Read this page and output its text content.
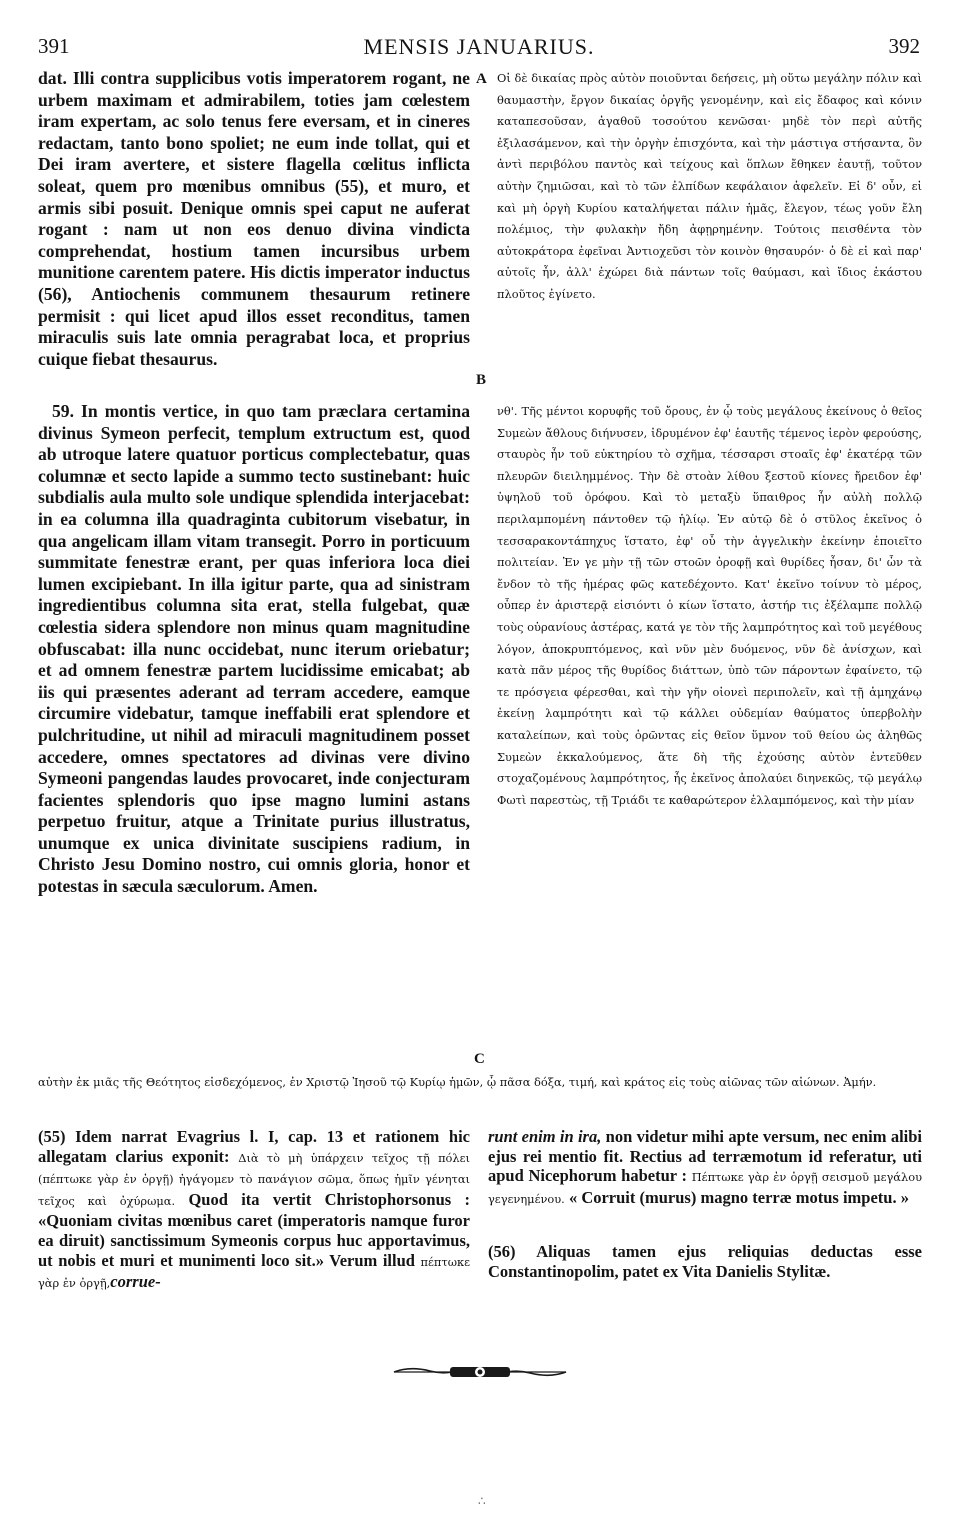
391	MENSIS JANUARIUS.	392
dat. Illi contra supplicibus votis imperatorem rogant, ne urbem maximam et admirabilem, toties jam cœlestem iram expertam, ac solo tenus fere eversam, et in cineres redactam, tanto bono spoliet; ne eum inde tollat, qui et Dei iram avertere, et sistere flagella cœlitus inflicta soleat, quem pro mœnibus omnibus (55), et muro, et armis sibi posuit. Denique omnis spei caput ne auferat rogant : nam ut non eos denuo divina vindicta comprehendat, hostium tamen incursibus urbem munitione carentem patere. His dictis imperator inductus (56), Antiochenis communem thesaurum retinere permisit : qui licet apud illos esset reconditus, tamen miraculis suis late omnia peragrabat loca, et proprius cuique fiebat thesaurus.
59. In montis vertice, in quo tam præclara certamina divinus Symeon perfecit, templum extructum est, quod ab utroque latere quatuor porticus complectebatur, quas columnæ et secto lapide a summo tecto sustinebant: huic subdialis aula multo sole undique splendida interjacebat: in ea columna illa quadraginta cubitorum visebatur, in qua angelicam illam vitam transegit. Porro in porticuum summitate fenestræ erant, per quas inferiora loca diei lumen excipiebant. In illa igitur parte, qua ad sinistram ingredientibus columna sita erat, stella fulgebat, quæ cœlestia sidera splendore non minus quam magnitudine obfuscabat: illa nunc occidebat, nunc iterum oriebatur; et ad omnem fenestræ partem lucidissime emicabat; ab iis qui præsentes aderant ad terram accedere, eamque circumire videbatur, tamque ineffabili erat splendore et pulchritudine, ut nihil ad miraculi magnitudinem posset accedere, omnes spectatores ad divinas vere divino Symeoni pangendas laudes provocaret, inde conjecturam facientes splendoris quo ipse magno lumini astans perpetuo fruitur, atque a Trinitate purius illustratus, unumque ex unica divinitate suscipiens radium, in Christo Jesu Domino nostro, cui omnis gloria, honor et potestas in sæcula sæculorum. Amen.
A
B
C
Οἱ δὲ δικαίας πρὸς αὐτὸν ποιοῦνται δεήσεις, μὴ οὕτω μεγάλην πόλιν καὶ θαυμαστὴν, ἔργον δικαίας ὀργῆς γενομένην, καὶ εἰς ἔδαφος καὶ κόνιν καταπεσοῦσαν, ἀγαθοῦ τοσούτου κενῶσαι· μηδὲ τὸν περὶ αὐτῆς ἐξιλασάμενον, καὶ τὴν ὀργὴν ἐπισχόντα, καὶ τὴν μάστιγα στήσαντα, ὃν ἀντὶ περιβόλου παντὸς καὶ τείχους καὶ ὅπλων ἔθηκεν ἑαυτῇ, τοῦτον αὐτὴν ζημιῶσαι, καὶ τὸ τῶν ἐλπίδων κεφάλαιον ἀφελεῖν. Εἰ δ' οὖν, εἰ καὶ μὴ ὀργὴ Κυρίου καταλήψεται πάλιν ἡμᾶς, ἔλεγον, τέως γοῦν ἔλη πολέμιος, τὴν φυλακὴν ἤδη ἀφῃρημένην. Τούτοις πεισθέντα τὸν αὐτοκράτορα ἐφεῖναι Ἀντιοχεῦσι τὸν κοινὸν θησαυρόν· ὁ δὲ εἰ καὶ παρ' αὐτοῖς ἦν, ἀλλ' ἐχώρει διὰ πάντων τοῖς θαύμασι, καὶ ἴδιος ἑκάστου πλοῦτος ἐγίνετο.
νθ'. Τῆς μέντοι κορυφῆς τοῦ ὄρους, ἐν ᾧ τοὺς μεγάλους ἐκείνους ὁ θεῖος Συμεὼν ἄθλους διήνυσεν, ἱδρυμένον ἐφ' ἑαυτῆς τέμενος ἱερὸν φερούσης, σταυρὸς ἦν τοῦ εὐκτηρίου τὸ σχῆμα, τέσσαρσι στοαῖς ἐφ' ἑκατέρᾳ τῶν πλευρῶν διειλημμένος. Τὴν δὲ στοὰν λίθου ξεστοῦ κίονες ἤρειδον ἐφ' ὑψηλοῦ τοῦ ὀρόφου. Καὶ τὸ μεταξὺ ὕπαιθρος ἦν αὐλὴ πολλῷ περιλαμπομένη πάντοθεν τῷ ἡλίῳ. Ἐν αὐτῷ δὲ ὁ στῦλος ἐκεῖνος ὁ τεσσαρακοντάπηχυς ἵστατο, ἐφ' οὗ τὴν ἀγγελικὴν ἐκείνην ἐποιεῖτο πολιτείαν. Ἐν γε μὴν τῇ τῶν στοῶν ὀροφῇ καὶ θυρίδες ἦσαν, δι' ὧν τὰ ἔνδον τὸ τῆς ἡμέρας φῶς κατεδέχοντο. Κατ' ἐκεῖνο τοίνυν τὸ μέρος, οὗπερ ἐν ἀριστερᾷ εἰσιόντι ὁ κίων ἵστατο, ἀστήρ τις ἐξέλαμπε πολλῷ τοὺς οὐρανίους ἀστέρας, κατά γε τὸν τῆς λαμπρότητος καὶ τοῦ μεγέθους λόγον, ἀποκρυπτόμενος, καὶ νῦν μὲν δυόμενος, νῦν δὲ ἀνίσχων, καὶ κατὰ πᾶν μέρος τῆς θυρίδος διάττων, ὑπὸ τῶν πάροντων ἐφαίνετο, τῷ τε πρόσγεια φέρεσθαι, καὶ τὴν γῆν οἱονεὶ περιπολεῖν, καὶ τῇ ἀμηχάνῳ ἐκείνῃ λαμπρότητι καὶ τῷ κάλλει οὐδεμίαν θαύματος ὑπερβολὴν καταλείπων, καὶ τοὺς ὁρῶντας εἰς θεῖον ὕμνον τοῦ θείου ὡς ἀληθῶς Συμεὼν ἐκκαλούμενος, ἅτε δὴ τῆς ἐχούσης αὐτὸν ἐντεῦθεν στοχαζομένους λαμπρότητος, ἧς ἐκεῖνος ἀπολαύει διηνεκῶς, τῷ μεγάλῳ Φωτὶ παρεστὼς, τῇ Τριάδι τε καθαρώτερον ἐλλαμπόμενος, καὶ τὴν μίαν
αὐτὴν ἐκ μιᾶς τῆς Θεότητος εἰσδεχόμενος, ἐν Χριστῷ Ἰησοῦ τῷ Κυρίῳ ἡμῶν, ᾧ πᾶσα δόξα, τιμή, καὶ κράτος εἰς τοὺς αἰῶνας τῶν αἰώνων. Ἀμήν.
(55) Idem narrat Evagrius l. I, cap. 13 et rationem hic allegatam clarius exponit: Διὰ τὸ μὴ ὑπάρχειν τεῖχος τῇ πόλει (πέπτωκε γὰρ ἐν ὀργῇ) ἠγάγομεν τὸ πανάγιον σῶμα, ὅπως ἡμῖν γένηται τεῖχος καὶ ὀχύρωμα. Quod ita vertit Christophorsonus : «Quoniam civitas mœnibus caret (imperatoris namque furor ea diruit) sanctissimum Symeonis corpus huc apportavimus, ut nobis et muri et munimenti loco sit.» Verum illud πέπτωκε γὰρ ἐν ὀργῇ,corrue-
runt enim in ira, non videtur mihi apte versum, nec enim alibi ejus rei mentio fit. Rectius ad terræmotum id referatur, uti apud Nicephorum habetur : Πέπτωκε γὰρ ἐν ὀργῇ σεισμοῦ μεγάλου γεγενημένου. « Corruit (murus) magno terræ motus impetu. »
(56) Aliquas tamen ejus reliquias deductas esse Constantinopolim, patet ex Vita Danielis Stylitæ.
∴
